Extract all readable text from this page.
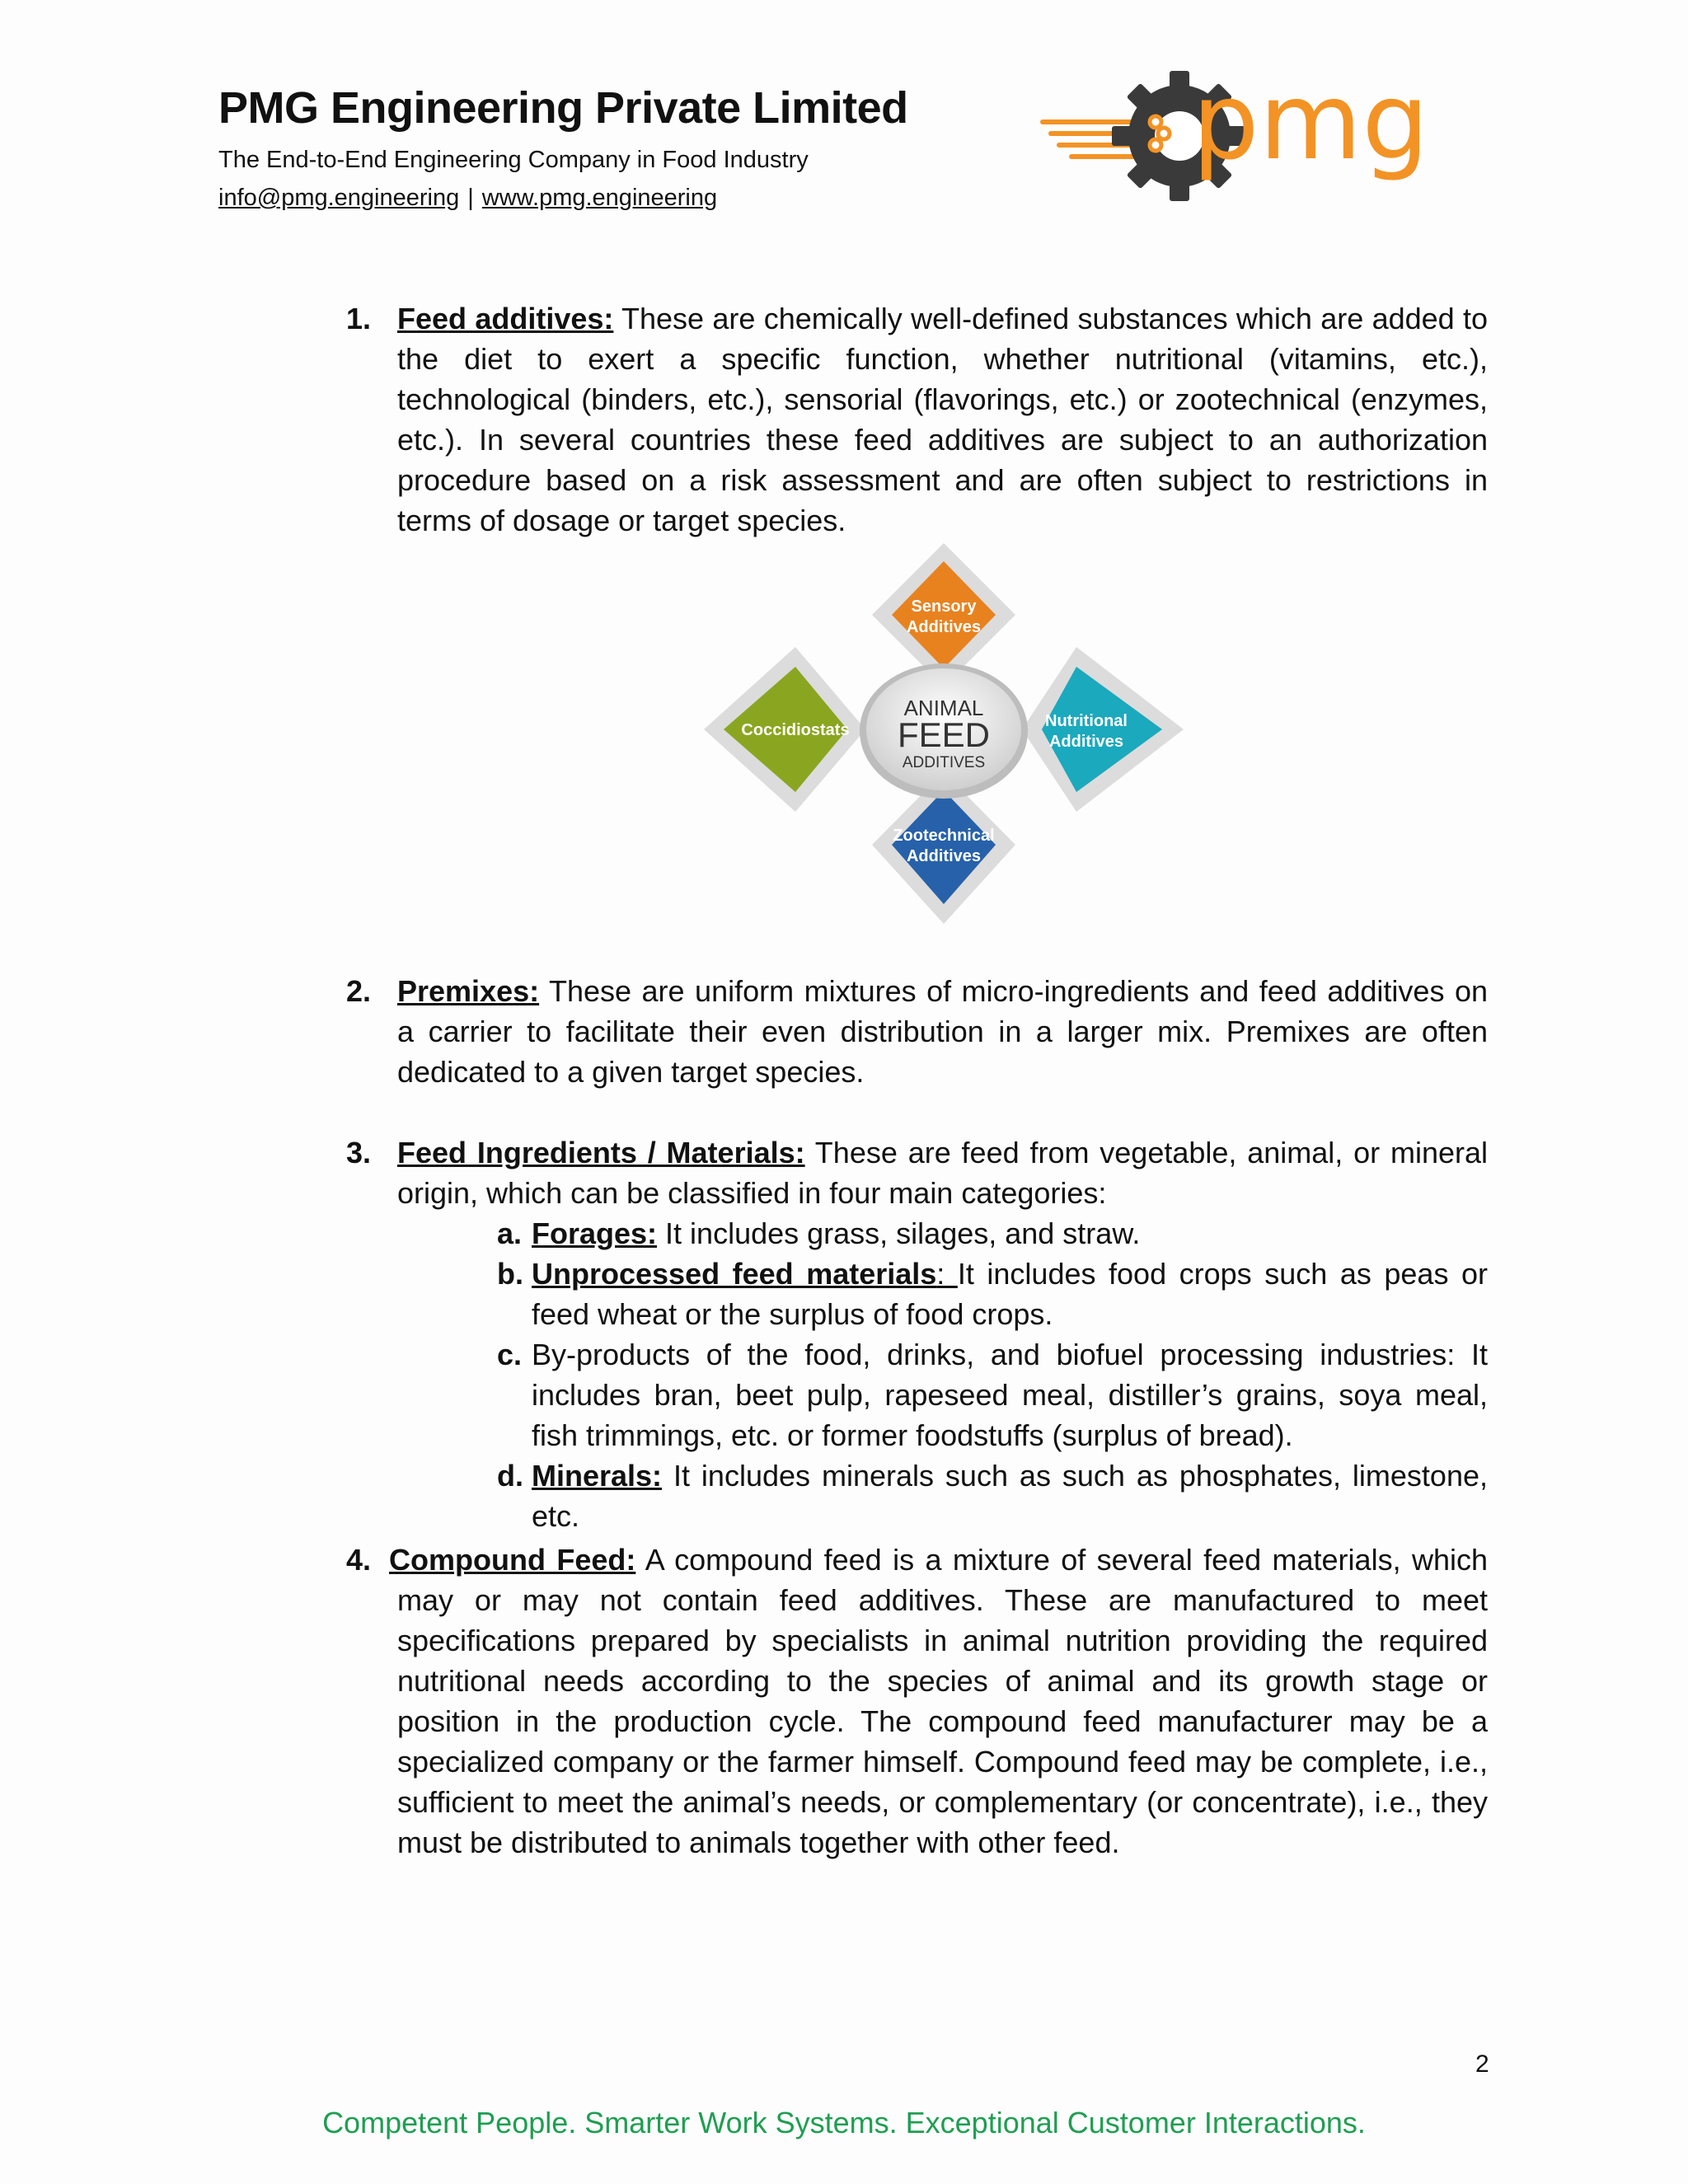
PMG Engineering Private Limited
The End-to-End Engineering Company in Food Industry
info@pmg.engineering | www.pmg.engineering
pmg
1. Feed additives: These are chemically well-defined substances which are added to the diet to exert a specific function, whether nutritional (vitamins, etc.), technological (binders, etc.), sensorial (flavorings, etc.) or zootechnical (enzymes, etc.). In several countries these feed additives are subject to an authorization procedure based on a risk assessment and are often subject to restrictions in terms of dosage or target species.
Sensory
Additives
Nutritional
Additives
Zootechnical
Additives
Coccidiostats
ANIMAL
FEED
ADDITIVES
2. Premixes: These are uniform mixtures of micro-ingredients and feed additives on a carrier to facilitate their even distribution in a larger mix. Premixes are often dedicated to a given target species.
3. Feed Ingredients / Materials: These are feed from vegetable, animal, or mineral origin, which can be classified in four main categories:
a. Forages: It includes grass, silages, and straw.
b. Unprocessed feed materials: It includes food crops such as peas or feed wheat or the surplus of food crops.
c. By-products of the food, drinks, and biofuel processing industries: It includes bran, beet pulp, rapeseed meal, distiller’s grains, soya meal, fish trimmings, etc. or former foodstuffs (surplus of bread).
d. Minerals: It includes minerals such as such as phosphates, limestone, etc.
4. Compound Feed: A compound feed is a mixture of several feed materials, which may or may not contain feed additives. These are manufactured to meet specifications prepared by specialists in animal nutrition providing the required nutritional needs according to the species of animal and its growth stage or position in the production cycle. The compound feed manufacturer may be a specialized company or the farmer himself. Compound feed may be complete, i.e., sufficient to meet the animal’s needs, or complementary (or concentrate), i.e., they must be distributed to animals together with other feed.
2
Competent People. Smarter Work Systems. Exceptional Customer Interactions.
